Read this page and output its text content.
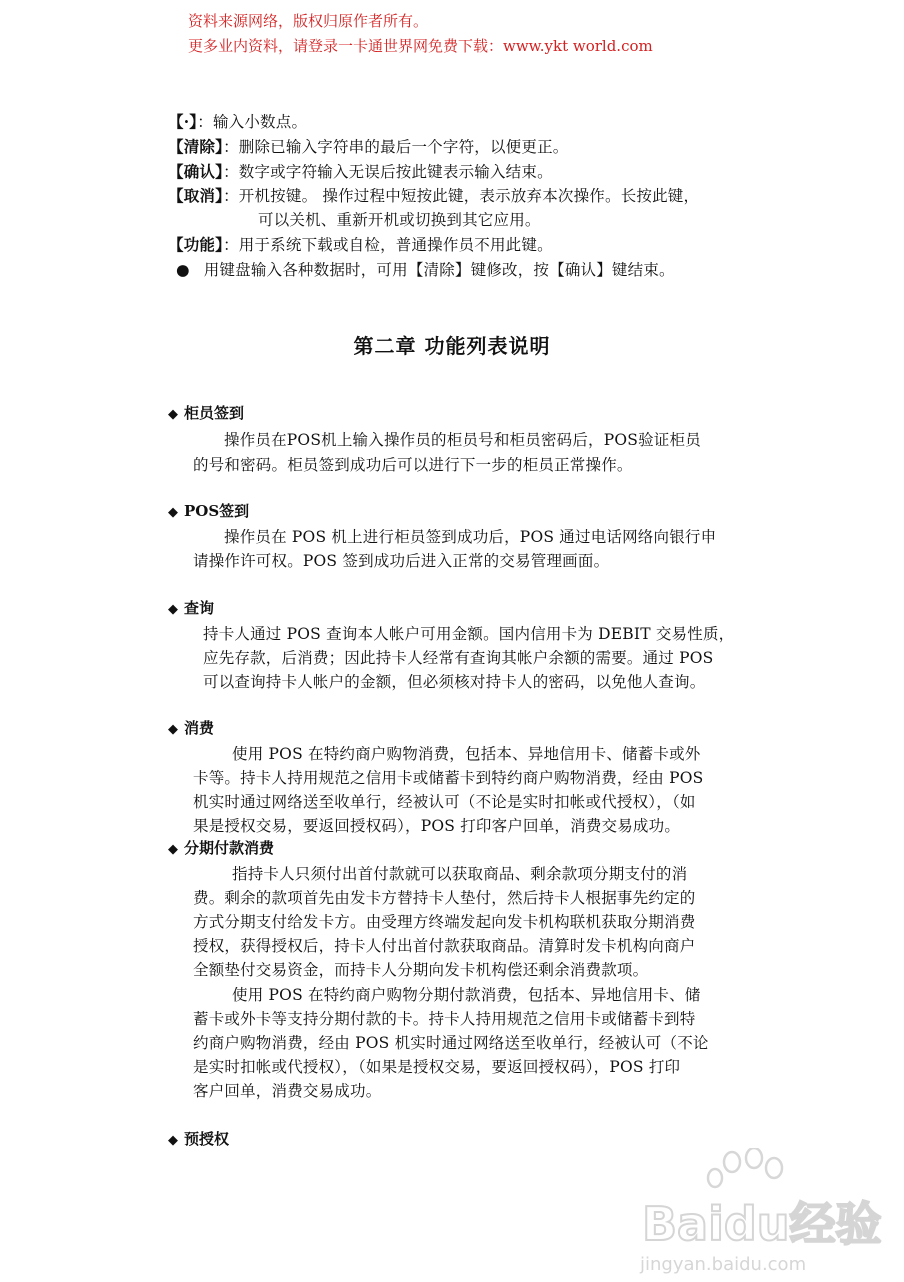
资料来源网络，版权归原作者所有。
更多业内资料，请登录一卡通世界网免费下载：www.ykt world.com
【·】：输入小数点。
【清除】：删除已输入字符串的最后一个字符，以便更正。
【确认】：数字或字符输入无误后按此键表示输入结束。
【取消】：开机按键。 操作过程中短按此键，表示放弃本次操作。长按此键，
可以关机、重新开机或切换到其它应用。
【功能】：用于系统下载或自检，普通操作员不用此键。
● 用键盘输入各种数据时，可用【清除】键修改，按【确认】键结束。
第二章 功能列表说明
◆ 柜员签到
操作员在POS机上输入操作员的柜员号和柜员密码后，POS验证柜员
的号和密码。柜员签到成功后可以进行下一步的柜员正常操作。
◆ POS签到
操作员在 POS 机上进行柜员签到成功后，POS 通过电话网络向银行申
请操作许可权。POS 签到成功后进入正常的交易管理画面。
◆ 查询
持卡人通过 POS 查询本人帐户可用金额。国内信用卡为 DEBIT 交易性质，
应先存款，后消费；因此持卡人经常有查询其帐户余额的需要。通过 POS
可以查询持卡人帐户的金额，但必须核对持卡人的密码，以免他人查询。
◆ 消费
使用 POS 在特约商户购物消费，包括本、异地信用卡、储蓄卡或外
卡等。持卡人持用规范之信用卡或储蓄卡到特约商户购物消费，经由 POS
机实时通过网络送至收单行，经被认可（不论是实时扣帐或代授权），（如
果是授权交易，要返回授权码），POS 打印客户回单，消费交易成功。
◆ 分期付款消费
指持卡人只须付出首付款就可以获取商品、剩余款项分期支付的消
费。剩余的款项首先由发卡方替持卡人垫付，然后持卡人根据事先约定的
方式分期支付给发卡方。由受理方终端发起向发卡机构联机获取分期消费
授权，获得授权后，持卡人付出首付款获取商品。清算时发卡机构向商户
全额垫付交易资金，而持卡人分期向发卡机构偿还剩余消费款项。
使用 POS 在特约商户购物分期付款消费，包括本、异地信用卡、储
蓄卡或外卡等支持分期付款的卡。持卡人持用规范之信用卡或储蓄卡到特
约商户购物消费，经由 POS 机实时通过网络送至收单行，经被认可（不论
是实时扣帐或代授权），（如果是授权交易，要返回授权码），POS 打印
客户回单，消费交易成功。
◆ 预授权
Baidu经验
jingyan.baidu.com
